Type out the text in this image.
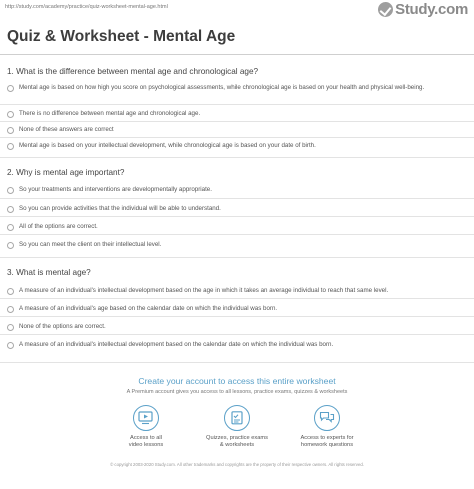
http://study.com/academy/practice/quiz-worksheet-mental-age.html	Study.com
Quiz & Worksheet - Mental Age
1. What is the difference between mental age and chronological age?
Mental age is based on how high you score on psychological assessments, while chronological age is based on your health and physical well-being.
There is no difference between mental age and chronological age.
None of these answers are correct
Mental age is based on your intellectual development, while chronological age is based on your date of birth.
2. Why is mental age important?
So your treatments and interventions are developmentally appropriate.
So you can provide activities that the individual will be able to understand.
All of the options are correct.
So you can meet the client on their intellectual level.
3. What is mental age?
A measure of an individual's intellectual development based on the age in which it takes an average individual to reach that same level.
A measure of an individual's age based on the calendar date on which the individual was born.
None of the options are correct.
A measure of an individual's intellectual development based on the calendar date on which the individual was born.
Create your account to access this entire worksheet
A Premium account gives you access to all lessons, practice exams, quizzes & worksheets
Access to all
video lessons
Quizzes, practice exams
& worksheets
Access to experts for
homework questions
© copyright 2003-2020 Study.com. All other trademarks and copyrights are the property of their respective owners. All rights reserved.
